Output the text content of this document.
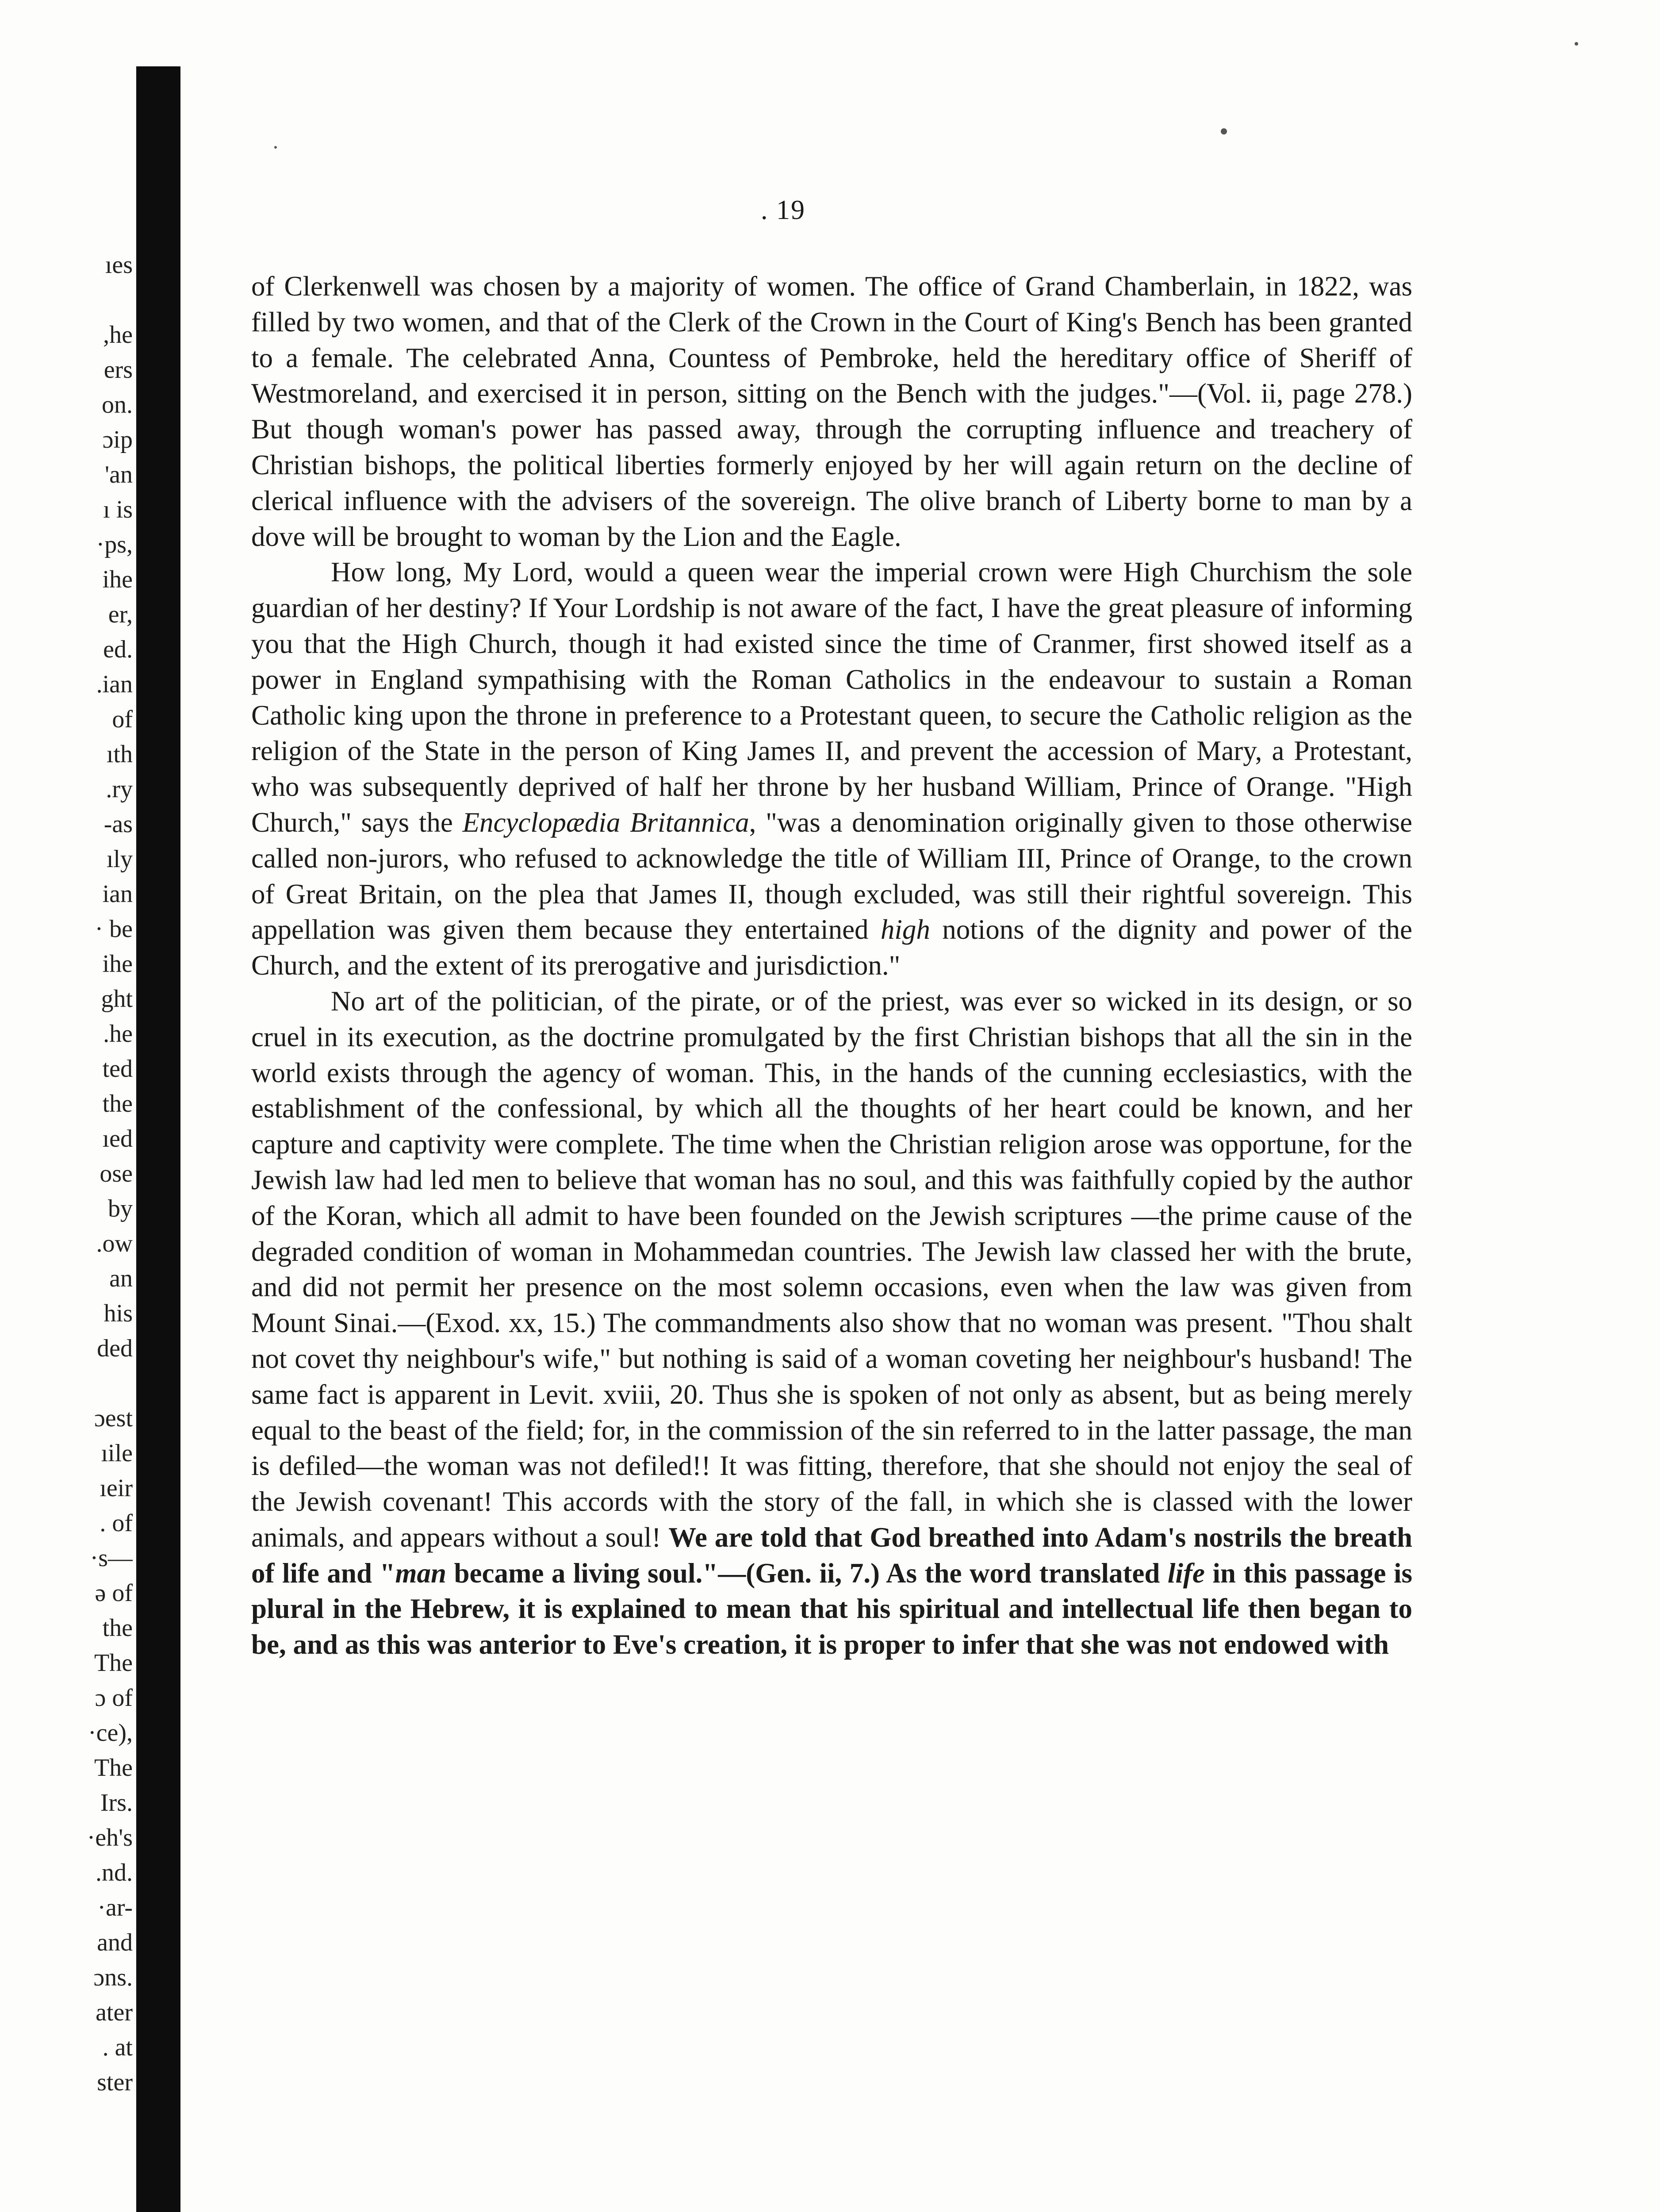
ıes

,he
ers
on.
ɔip
'an
ı is
·ps,
ihe
er,
ed.
.ian
of
ıth
.ry
-as
ıly
ian
· be
ihe
ght
.he
ted
the
ıed
ose
by
.ow
an
his
ded

ɔest
ıile
ıeir
. of
·s—
ə of
the
The
ɔ of
·ce),
The
Irs.
·eh's
.nd.
·ar-
and
ɔns.
ater
. at
ster
. 19

of Clerkenwell was chosen by a majority of women. The office of Grand Chamberlain, in 1822, was filled by two women, and that of the Clerk of the Crown in the Court of King's Bench has been granted to a female. The celebrated Anna, Countess of Pembroke, held the hereditary office of Sheriff of Westmoreland, and exercised it in person, sitting on the Bench with the judges."—(Vol. ii, page 278.) But though woman's power has passed away, through the corrupting influence and treachery of Christian bishops, the political liberties formerly enjoyed by her will again return on the decline of clerical influence with the advisers of the sovereign. The olive branch of Liberty borne to man by a dove will be brought to woman by the Lion and the Eagle.

How long, My Lord, would a queen wear the imperial crown were High Churchism the sole guardian of her destiny? If Your Lordship is not aware of the fact, I have the great pleasure of informing you that the High Church, though it had existed since the time of Cranmer, first showed itself as a power in England sympathising with the Roman Catholics in the endeavour to sustain a Roman Catholic king upon the throne in preference to a Protestant queen, to secure the Catholic religion as the religion of the State in the person of King James II, and prevent the accession of Mary, a Protestant, who was subsequently deprived of half her throne by her husband William, Prince of Orange. "High Church," says the Encyclopædia Britannica, "was a denomination originally given to those otherwise called non-jurors, who refused to acknowledge the title of William III, Prince of Orange, to the crown of Great Britain, on the plea that James II, though excluded, was still their rightful sovereign. This appellation was given them because they entertained high notions of the dignity and power of the Church, and the extent of its prerogative and jurisdiction."

No art of the politician, of the pirate, or of the priest, was ever so wicked in its design, or so cruel in its execution, as the doctrine promulgated by the first Christian bishops that all the sin in the world exists through the agency of woman. This, in the hands of the cunning ecclesiastics, with the establishment of the confessional, by which all the thoughts of her heart could be known, and her capture and captivity were complete. The time when the Christian religion arose was opportune, for the Jewish law had led men to believe that woman has no soul, and this was faithfully copied by the author of the Koran, which all admit to have been founded on the Jewish scriptures —the prime cause of the degraded condition of woman in Mohammedan countries. The Jewish law classed her with the brute, and did not permit her presence on the most solemn occasions, even when the law was given from Mount Sinai.—(Exod. xx, 15.) The commandments also show that no woman was present. "Thou shalt not covet thy neighbour's wife," but nothing is said of a woman coveting her neighbour's husband! The same fact is apparent in Levit. xviii, 20. Thus she is spoken of not only as absent, but as being merely equal to the beast of the field; for, in the commission of the sin referred to in the latter passage, the man is defiled—the woman was not defiled!! It was fitting, therefore, that she should not enjoy the seal of the Jewish covenant! This accords with the story of the fall, in which she is classed with the lower animals, and appears without a soul! We are told that God breathed into Adam's nostrils the breath of life and "man became a living soul."—(Gen. ii, 7.) As the word translated life in this passage is plural in the Hebrew, it is explained to mean that his spiritual and intellectual life then began to be, and as this was anterior to Eve's creation, it is proper to infer that she was not endowed with
